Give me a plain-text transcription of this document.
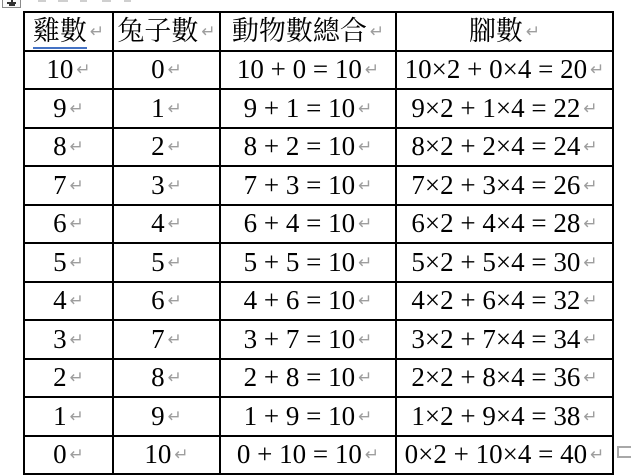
雞數 ↵	兔子數 ↵	動物數總合 ↵	腳數 ↵
10 ↵	0 ↵	10 + 0 = 10 ↵	10×2 + 0×4 = 20 ↵
9 ↵	1 ↵	9 + 1 = 10 ↵	9×2 + 1×4 = 22 ↵
8 ↵	2 ↵	8 + 2 = 10 ↵	8×2 + 2×4 = 24 ↵
7 ↵	3 ↵	7 + 3 = 10 ↵	7×2 + 3×4 = 26 ↵
6 ↵	4 ↵	6 + 4 = 10 ↵	6×2 + 4×4 = 28 ↵
5 ↵	5 ↵	5 + 5 = 10 ↵	5×2 + 5×4 = 30 ↵
4 ↵	6 ↵	4 + 6 = 10 ↵	4×2 + 6×4 = 32 ↵
3 ↵	7 ↵	3 + 7 = 10 ↵	3×2 + 7×4 = 34 ↵
2 ↵	8 ↵	2 + 8 = 10 ↵	2×2 + 8×4 = 36 ↵
1 ↵	9 ↵	1 + 9 = 10 ↵	1×2 + 9×4 = 38 ↵
0 ↵	10 ↵	0 + 10 = 10 ↵	0×2 + 10×4 = 40 ↵
